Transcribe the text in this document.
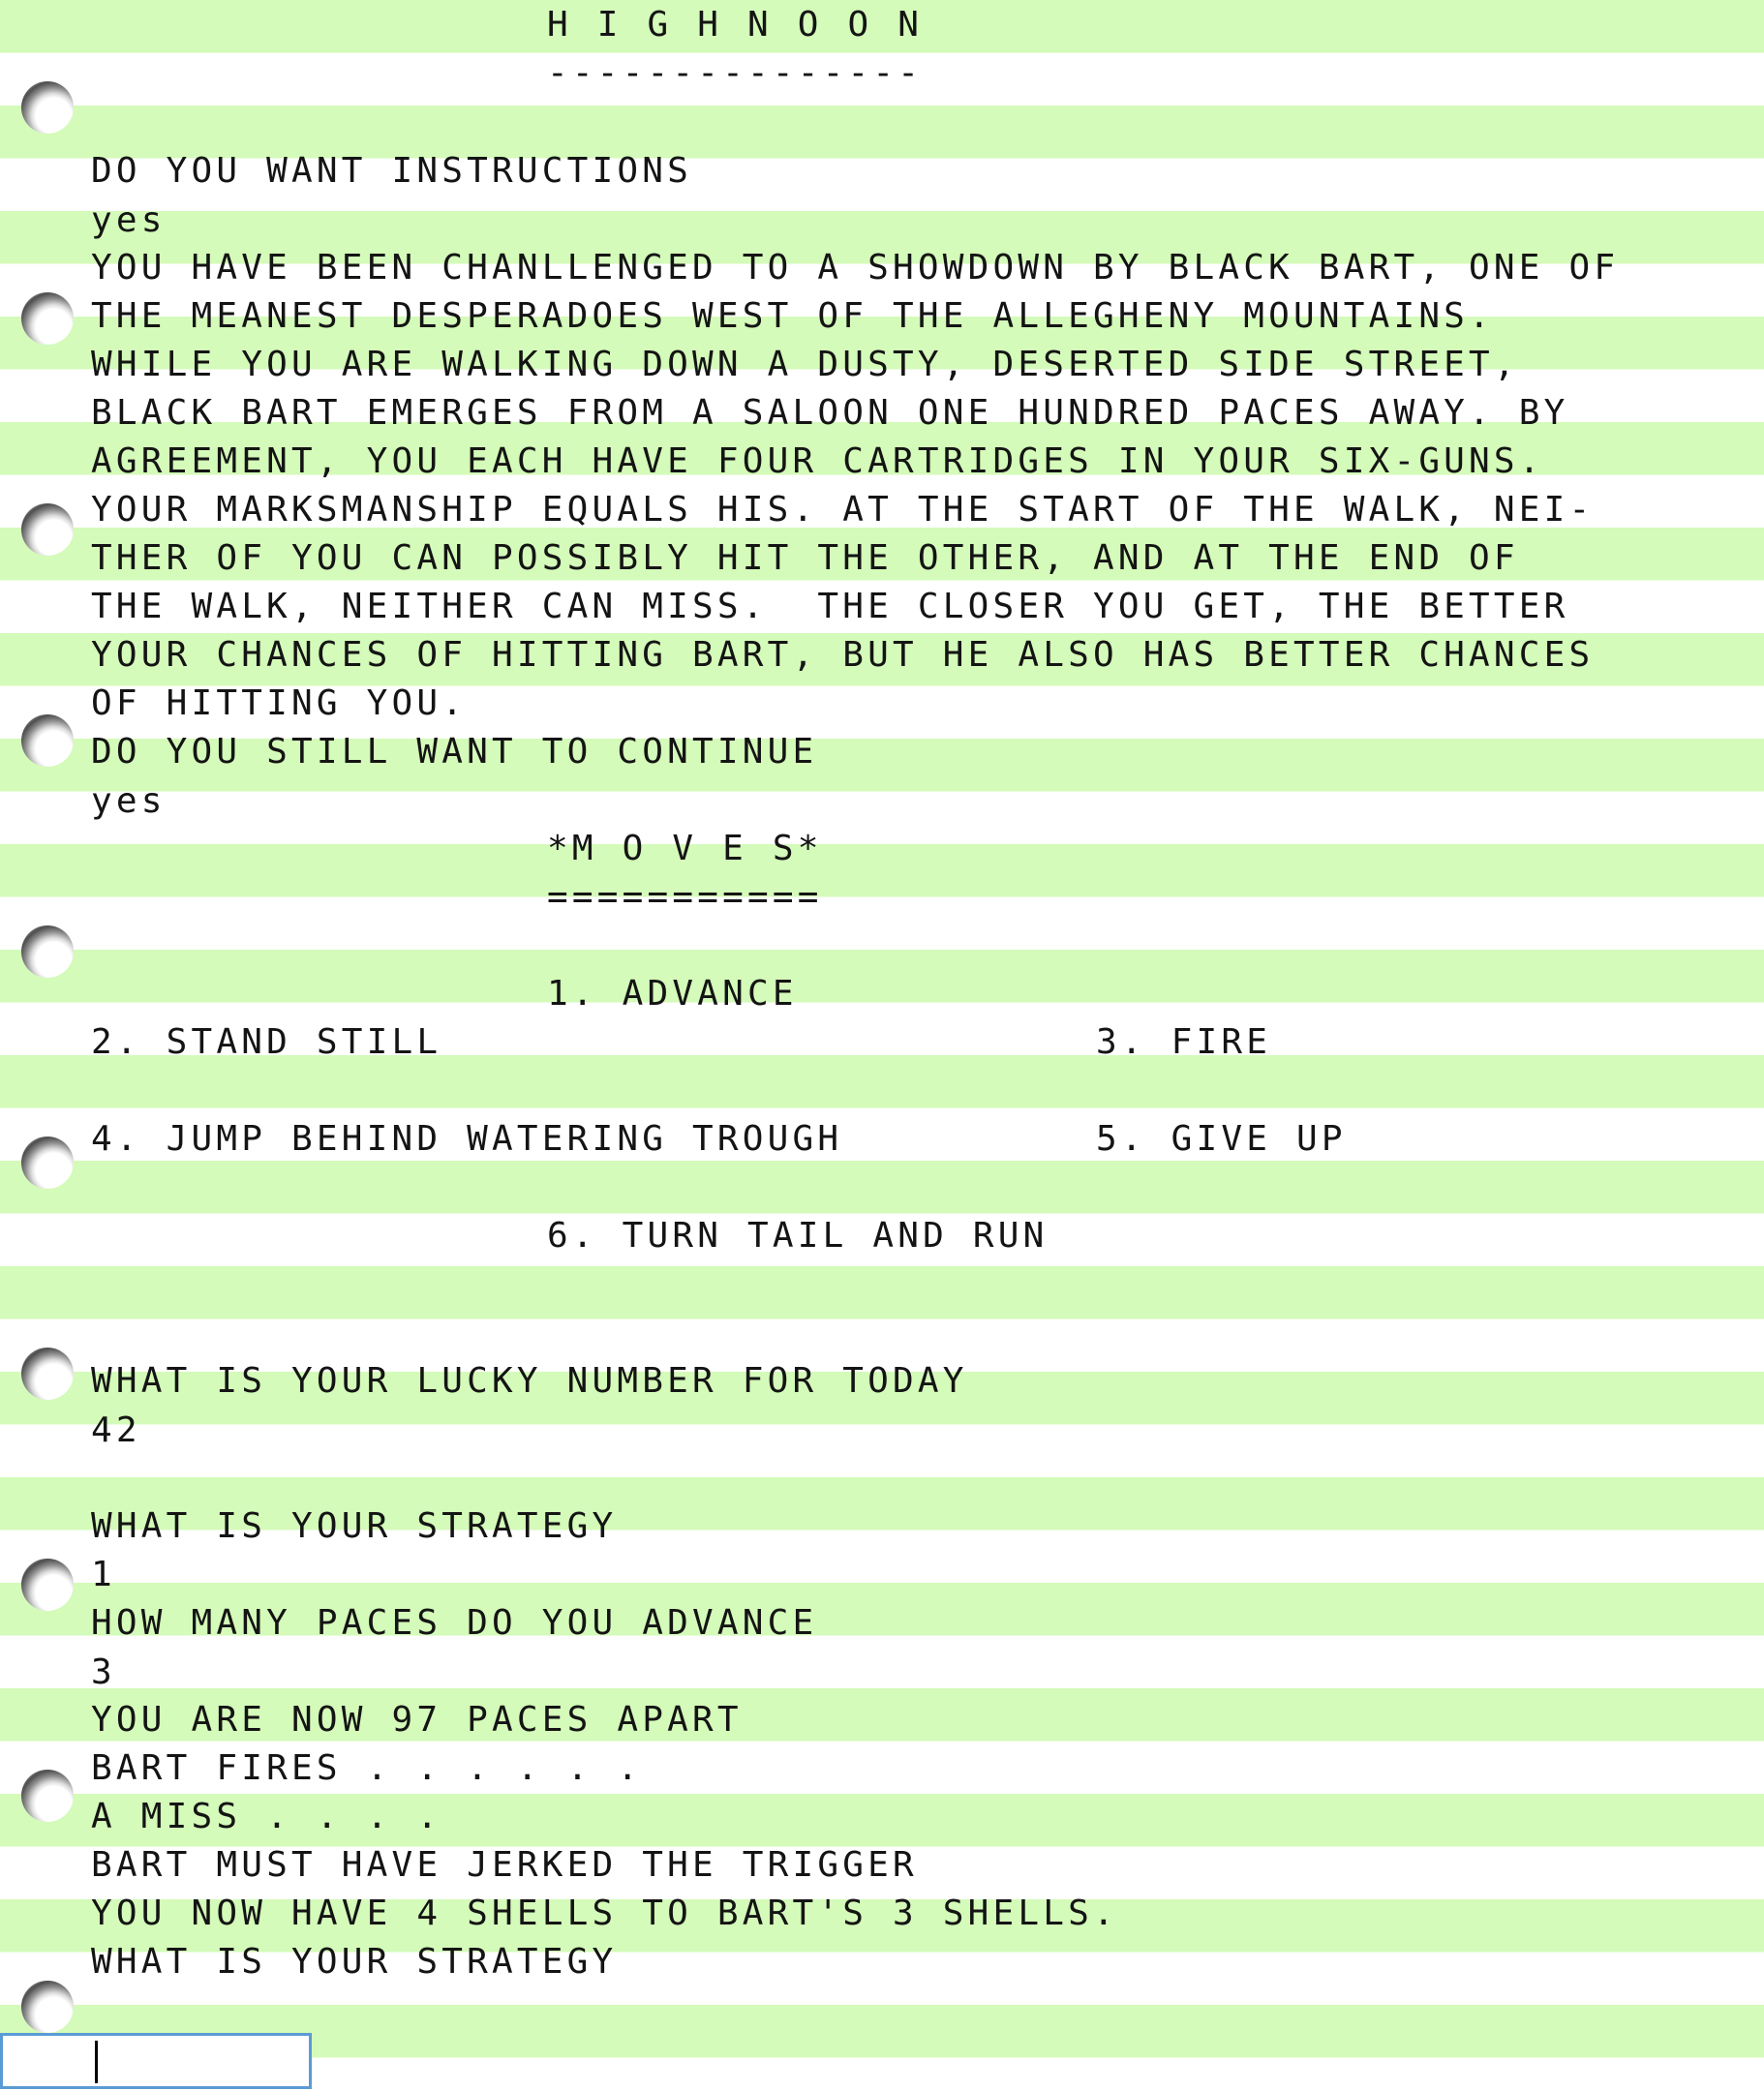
H I G H N O O N
---------------
DO YOU WANT INSTRUCTIONS
yes
YOU HAVE BEEN CHANLLENGED TO A SHOWDOWN BY BLACK BART, ONE OF
THE MEANEST DESPERADOES WEST OF THE ALLEGHENY MOUNTAINS.
WHILE YOU ARE WALKING DOWN A DUSTY, DESERTED SIDE STREET,
BLACK BART EMERGES FROM A SALOON ONE HUNDRED PACES AWAY. BY
AGREEMENT, YOU EACH HAVE FOUR CARTRIDGES IN YOUR SIX-GUNS.
YOUR MARKSMANSHIP EQUALS HIS. AT THE START OF THE WALK, NEI-
THER OF YOU CAN POSSIBLY HIT THE OTHER, AND AT THE END OF
THE WALK, NEITHER CAN MISS.  THE CLOSER YOU GET, THE BETTER
YOUR CHANCES OF HITTING BART, BUT HE ALSO HAS BETTER CHANCES
OF HITTING YOU.
DO YOU STILL WANT TO CONTINUE
yes
*M O V E S*
===========
1. ADVANCE
2. STAND STILL	3. FIRE
4. JUMP BEHIND WATERING TROUGH	5. GIVE UP
6. TURN TAIL AND RUN
WHAT IS YOUR LUCKY NUMBER FOR TODAY
42
WHAT IS YOUR STRATEGY
1
HOW MANY PACES DO YOU ADVANCE
3
YOU ARE NOW 97 PACES APART
BART FIRES . . . . . .
A MISS . . . .
BART MUST HAVE JERKED THE TRIGGER
YOU NOW HAVE 4 SHELLS TO BART'S 3 SHELLS.
WHAT IS YOUR STRATEGY
